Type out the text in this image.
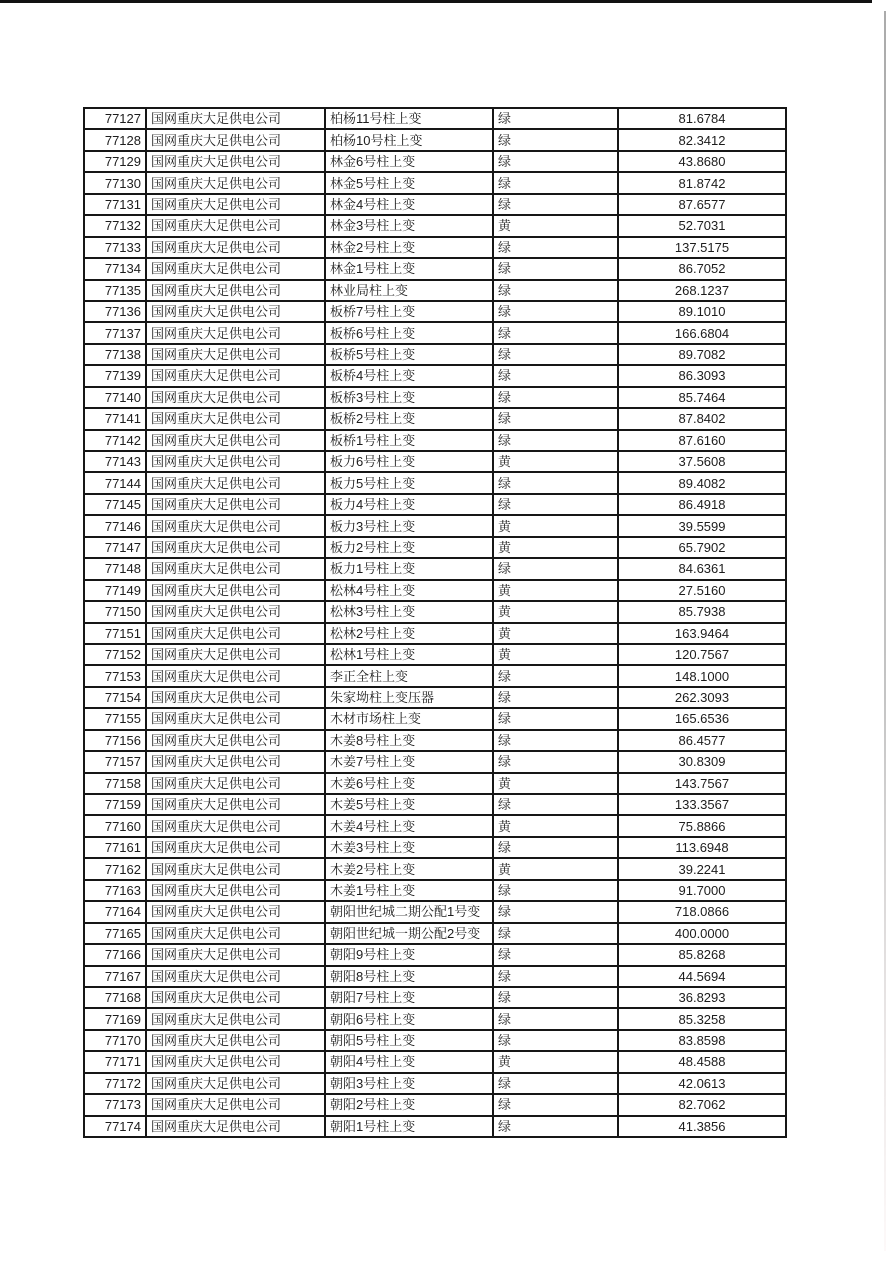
77127	国网重庆大足供电公司	柏杨11号柱上变	绿	81.6784
77128	国网重庆大足供电公司	柏杨10号柱上变	绿	82.3412
77129	国网重庆大足供电公司	林金6号柱上变	绿	43.8680
77130	国网重庆大足供电公司	林金5号柱上变	绿	81.8742
77131	国网重庆大足供电公司	林金4号柱上变	绿	87.6577
77132	国网重庆大足供电公司	林金3号柱上变	黄	52.7031
77133	国网重庆大足供电公司	林金2号柱上变	绿	137.5175
77134	国网重庆大足供电公司	林金1号柱上变	绿	86.7052
77135	国网重庆大足供电公司	林业局柱上变	绿	268.1237
77136	国网重庆大足供电公司	板桥7号柱上变	绿	89.1010
77137	国网重庆大足供电公司	板桥6号柱上变	绿	166.6804
77138	国网重庆大足供电公司	板桥5号柱上变	绿	89.7082
77139	国网重庆大足供电公司	板桥4号柱上变	绿	86.3093
77140	国网重庆大足供电公司	板桥3号柱上变	绿	85.7464
77141	国网重庆大足供电公司	板桥2号柱上变	绿	87.8402
77142	国网重庆大足供电公司	板桥1号柱上变	绿	87.6160
77143	国网重庆大足供电公司	板力6号柱上变	黄	37.5608
77144	国网重庆大足供电公司	板力5号柱上变	绿	89.4082
77145	国网重庆大足供电公司	板力4号柱上变	绿	86.4918
77146	国网重庆大足供电公司	板力3号柱上变	黄	39.5599
77147	国网重庆大足供电公司	板力2号柱上变	黄	65.7902
77148	国网重庆大足供电公司	板力1号柱上变	绿	84.6361
77149	国网重庆大足供电公司	松林4号柱上变	黄	27.5160
77150	国网重庆大足供电公司	松林3号柱上变	黄	85.7938
77151	国网重庆大足供电公司	松林2号柱上变	黄	163.9464
77152	国网重庆大足供电公司	松林1号柱上变	黄	120.7567
77153	国网重庆大足供电公司	李正全柱上变	绿	148.1000
77154	国网重庆大足供电公司	朱家坳柱上变压器	绿	262.3093
77155	国网重庆大足供电公司	木材市场柱上变	绿	165.6536
77156	国网重庆大足供电公司	木姜8号柱上变	绿	86.4577
77157	国网重庆大足供电公司	木姜7号柱上变	绿	30.8309
77158	国网重庆大足供电公司	木姜6号柱上变	黄	143.7567
77159	国网重庆大足供电公司	木姜5号柱上变	绿	133.3567
77160	国网重庆大足供电公司	木姜4号柱上变	黄	75.8866
77161	国网重庆大足供电公司	木姜3号柱上变	绿	113.6948
77162	国网重庆大足供电公司	木姜2号柱上变	黄	39.2241
77163	国网重庆大足供电公司	木姜1号柱上变	绿	91.7000
77164	国网重庆大足供电公司	朝阳世纪城二期公配1号变	绿	718.0866
77165	国网重庆大足供电公司	朝阳世纪城一期公配2号变	绿	400.0000
77166	国网重庆大足供电公司	朝阳9号柱上变	绿	85.8268
77167	国网重庆大足供电公司	朝阳8号柱上变	绿	44.5694
77168	国网重庆大足供电公司	朝阳7号柱上变	绿	36.8293
77169	国网重庆大足供电公司	朝阳6号柱上变	绿	85.3258
77170	国网重庆大足供电公司	朝阳5号柱上变	绿	83.8598
77171	国网重庆大足供电公司	朝阳4号柱上变	黄	48.4588
77172	国网重庆大足供电公司	朝阳3号柱上变	绿	42.0613
77173	国网重庆大足供电公司	朝阳2号柱上变	绿	82.7062
77174	国网重庆大足供电公司	朝阳1号柱上变	绿	41.3856
